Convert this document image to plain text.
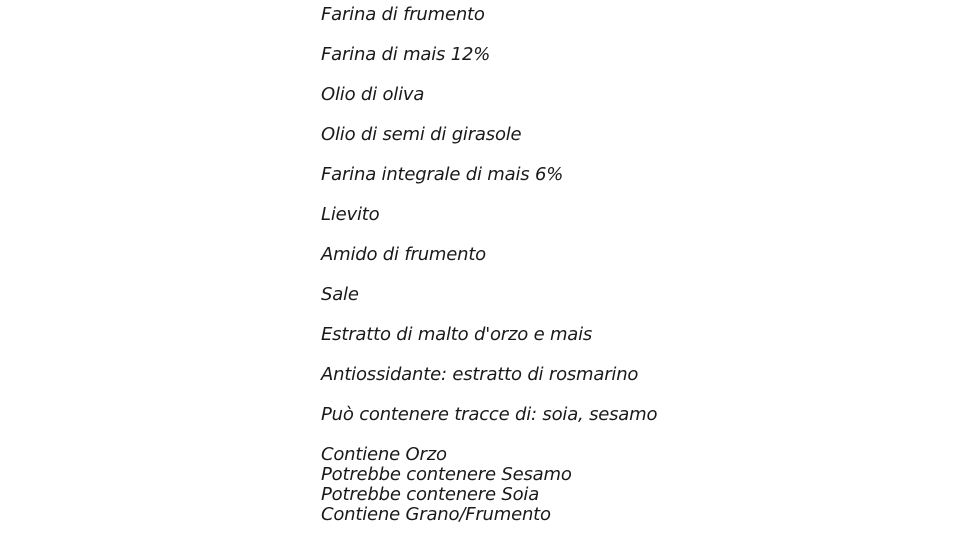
Farina di frumento
Farina di mais 12%
Olio di oliva
Olio di semi di girasole
Farina integrale di mais 6%
Lievito
Amido di frumento
Sale
Estratto di malto d'orzo e mais
Antiossidante: estratto di rosmarino
Può contenere tracce di: soia, sesamo
Contiene Orzo
Potrebbe contenere Sesamo
Potrebbe contenere Soia
Contiene Grano/Frumento
